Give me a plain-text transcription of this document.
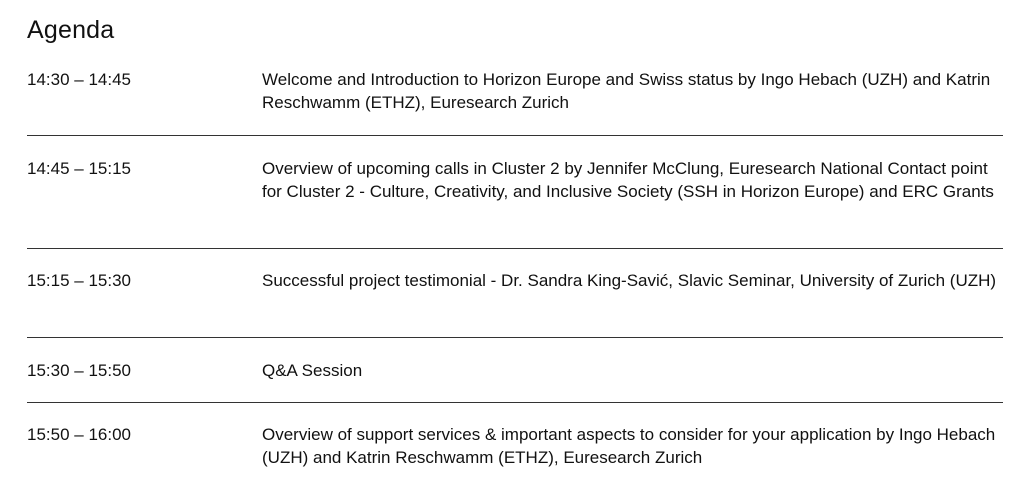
Agenda
14:30 – 14:45	Welcome and Introduction to Horizon Europe and Swiss status by Ingo Hebach (UZH) and Katrin Reschwamm (ETHZ), Euresearch Zurich
14:45 – 15:15	Overview of upcoming calls in Cluster 2 by Jennifer McClung, Euresearch National Contact point for Cluster 2 - Culture, Creativity, and Inclusive Society (SSH in Horizon Europe) and ERC Grants
15:15 – 15:30	Successful project testimonial - Dr. Sandra King-Savić, Slavic Seminar, University of Zurich (UZH)
15:30 – 15:50	Q&A Session
15:50 – 16:00	Overview of support services & important aspects to consider for your application by Ingo Hebach (UZH) and Katrin Reschwamm (ETHZ), Euresearch Zurich
